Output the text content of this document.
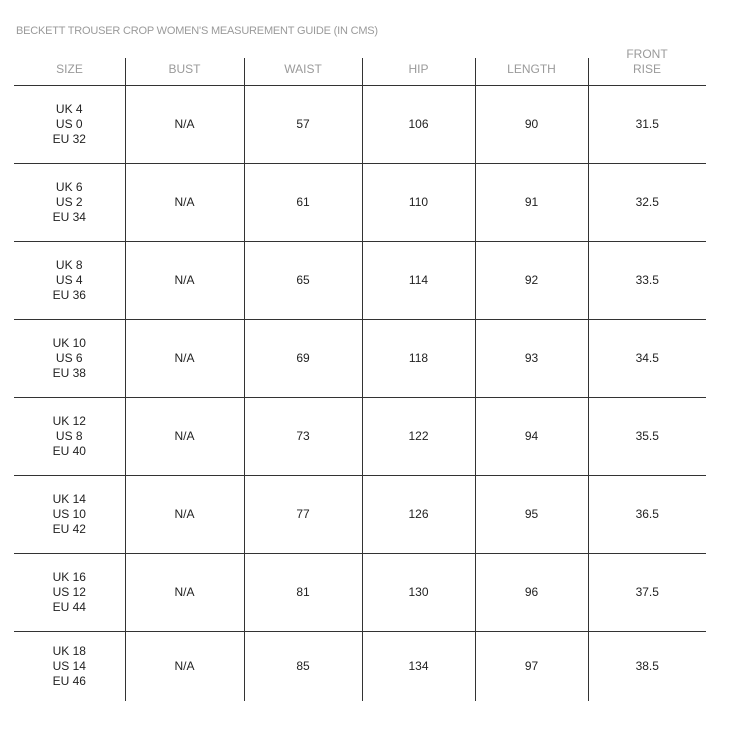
BECKETT TROUSER CROP WOMEN'S MEASUREMENT GUIDE (IN CMS)
SIZE	BUST	WAIST	HIP	LENGTH	FRONT
RISE

UK 4
US 0
EU 32	N/A	57	106	90	31.5

UK 6
US 2
EU 34	N/A	61	110	91	32.5

UK 8
US 4
EU 36	N/A	65	114	92	33.5

UK 10
US 6
EU 38	N/A	69	118	93	34.5

UK 12
US 8
EU 40	N/A	73	122	94	35.5

UK 14
US 10
EU 42	N/A	77	126	95	36.5

UK 16
US 12
EU 44	N/A	81	130	96	37.5

UK 18
US 14
EU 46	N/A	85	134	97	38.5
